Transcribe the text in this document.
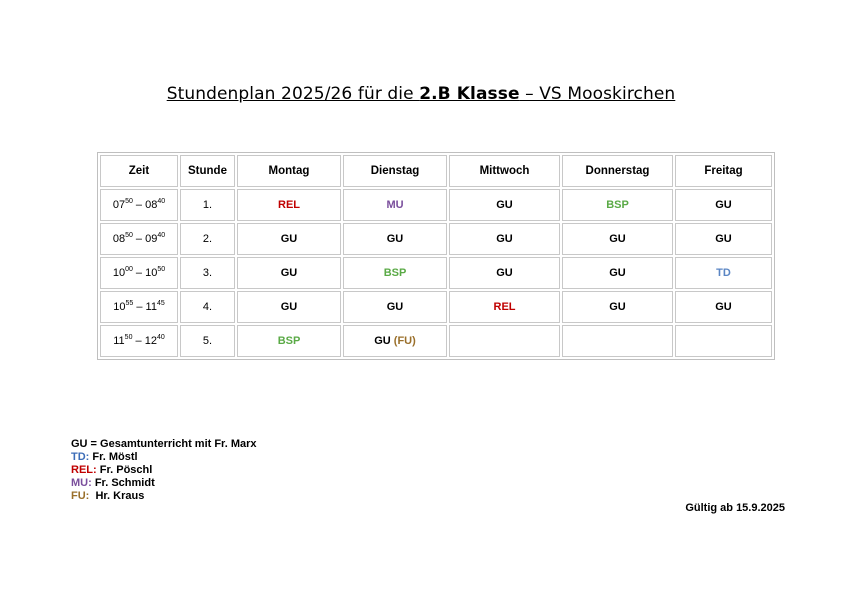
Stundenplan 2025/26 für die 2.B Klasse – VS Mooskirchen
Zeit	Stunde	Montag	Dienstag	Mittwoch	Donnerstag	Freitag
$07^{50} - 08^{40}$	1.	REL	MU	GU	BSP	GU
$08^{50} - 09^{40}$	2.	GU	GU	GU	GU	GU
$10^{00} - 10^{50}$	3.	GU	BSP	GU	GU	TD
$10^{55} - 11^{45}$	4.	GU	GU	REL	GU	GU
$11^{50} - 12^{40}$	5.	BSP	GU (FU)			
GU = Gesamtunterricht mit Fr. Marx
TD: Fr. Möstl
REL: Fr. Pöschl
MU: Fr. Schmidt
FU:  Hr. Kraus
Gültig ab 15.9.2025
